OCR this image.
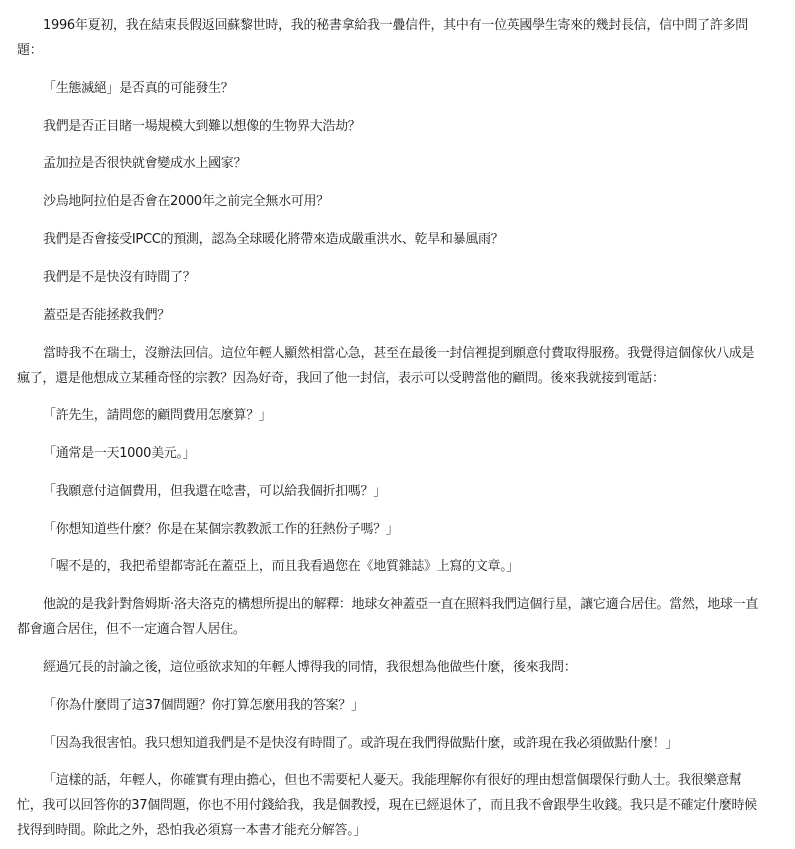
1996年夏初，我在結束長假返回蘇黎世時，我的秘書拿給我一疊信件，其中有一位英國學生寄來的幾封長信，信中問了許多問題：

「生態滅絕」是否真的可能發生？

我們是否正目睹一場規模大到難以想像的生物界大浩劫？

孟加拉是否很快就會變成水上國家？

沙烏地阿拉伯是否會在2000年之前完全無水可用？

我們是否會接受IPCC的預測，認為全球暖化將帶來造成嚴重洪水、乾旱和暴風雨？

我們是不是快沒有時間了？

蓋亞是否能拯救我們？

當時我不在瑞士，沒辦法回信。這位年輕人顯然相當心急，甚至在最後一封信裡提到願意付費取得服務。我覺得這個傢伙八成是瘋了，還是他想成立某種奇怪的宗教？因為好奇，我回了他一封信，表示可以受聘當他的顧問。後來我就接到電話：

「許先生，請問您的顧問費用怎麼算？」

「通常是一天1000美元。」

「我願意付這個費用，但我還在唸書，可以給我個折扣嗎？」

「你想知道些什麼？你是在某個宗教教派工作的狂熱份子嗎？」

「喔不是的，我把希望都寄託在蓋亞上，而且我看過您在《地質雜誌》上寫的文章。」

他說的是我針對詹姆斯‧洛夫洛克的構想所提出的解釋：地球女神蓋亞一直在照料我們這個行星，讓它適合居住。當然，地球一直都會適合居住，但不一定適合智人居住。

經過冗長的討論之後，這位亟欲求知的年輕人博得我的同情，我很想為他做些什麼，後來我問：

「你為什麼問了這37個問題？你打算怎麼用我的答案？」

「因為我很害怕。我只想知道我們是不是快沒有時間了。或許現在我們得做點什麼，或許現在我必須做點什麼！」

「這樣的話，年輕人，你確實有理由擔心，但也不需要杞人憂天。我能理解你有很好的理由想當個環保行動人士。我很樂意幫忙，我可以回答你的37個問題，你也不用付錢給我，我是個教授，現在已經退休了，而且我不會跟學生收錢。我只是不確定什麼時候找得到時間。除此之外，恐怕我必須寫一本書才能充分解答。」
